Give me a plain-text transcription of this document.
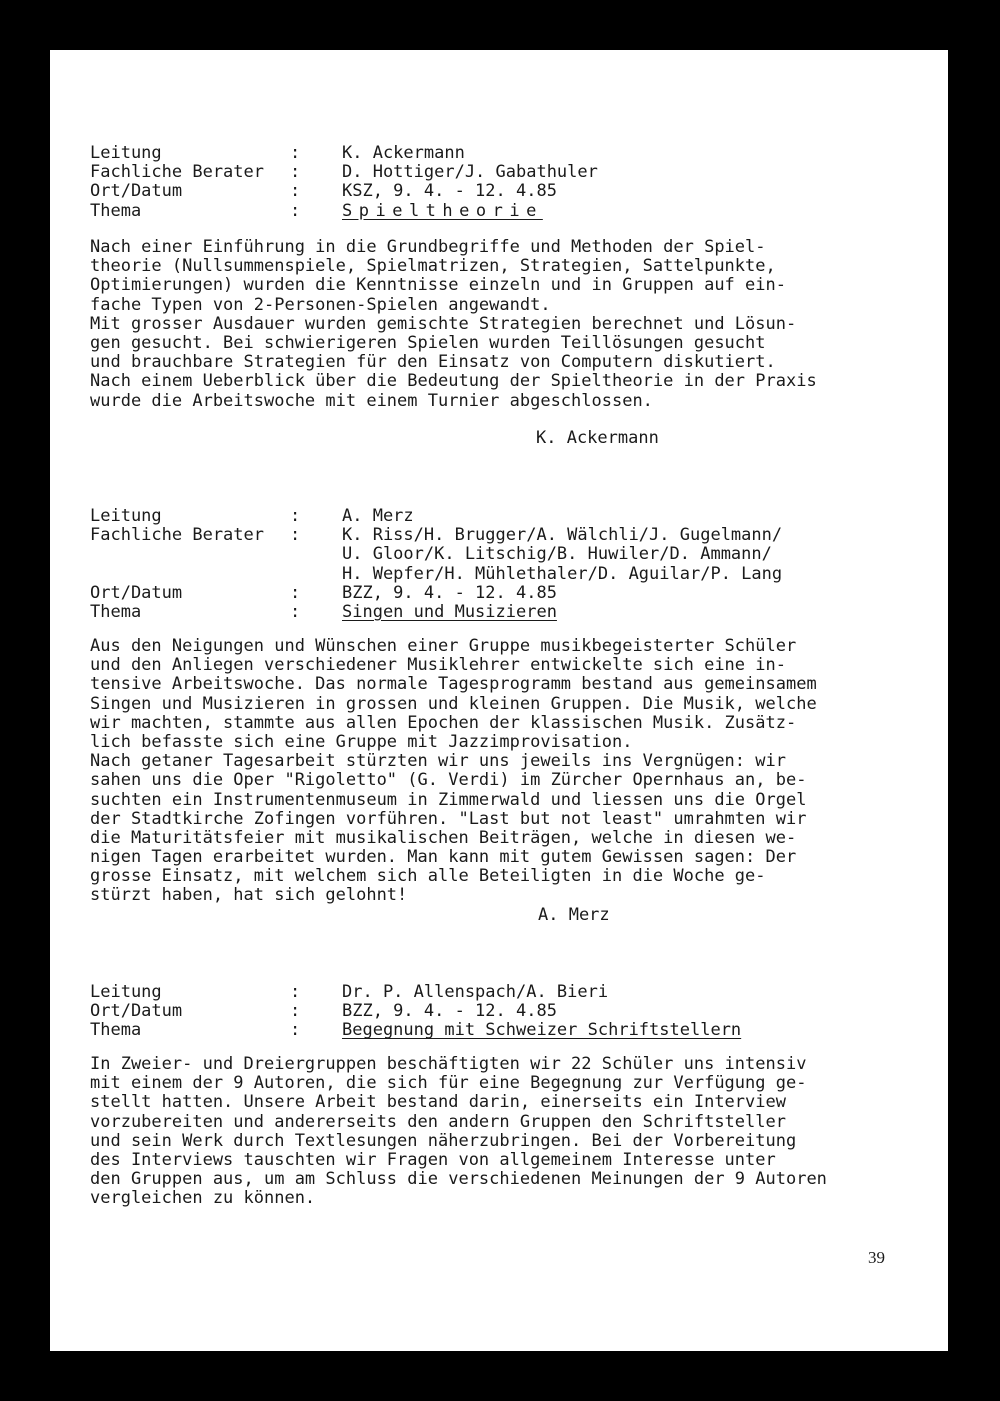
Leitung	:	K. Ackermann
Fachliche Berater	:	D. Hottiger/J. Gabathuler
Ort/Datum	:	KSZ, 9. 4. - 12. 4.85
Thema	:	Spieltheorie
Nach einer Einführung in die Grundbegriffe und Methoden der Spiel-
theorie (Nullsummenspiele, Spielmatrizen, Strategien, Sattelpunkte,
Optimierungen) wurden die Kenntnisse einzeln und in Gruppen auf ein-
fache Typen von 2-Personen-Spielen angewandt.
Mit grosser Ausdauer wurden gemischte Strategien berechnet und Lösun-
gen gesucht. Bei schwierigeren Spielen wurden Teillösungen gesucht
und brauchbare Strategien für den Einsatz von Computern diskutiert.
Nach einem Ueberblick über die Bedeutung der Spieltheorie in der Praxis
wurde die Arbeitswoche mit einem Turnier abgeschlossen.
K. Ackermann
Leitung	:	A. Merz
Fachliche Berater	:	K. Riss/H. Brugger/A. Wälchli/J. Gugelmann/
U. Gloor/K. Litschig/B. Huwiler/D. Ammann/
H. Wepfer/H. Mühlethaler/D. Aguilar/P. Lang
Ort/Datum	:	BZZ, 9. 4. - 12. 4.85
Thema	:	Singen und Musizieren
Aus den Neigungen und Wünschen einer Gruppe musikbegeisterter Schüler
und den Anliegen verschiedener Musiklehrer entwickelte sich eine in-
tensive Arbeitswoche. Das normale Tagesprogramm bestand aus gemeinsamem
Singen und Musizieren in grossen und kleinen Gruppen. Die Musik, welche
wir machten, stammte aus allen Epochen der klassischen Musik. Zusätz-
lich befasste sich eine Gruppe mit Jazzimprovisation.
Nach getaner Tagesarbeit stürzten wir uns jeweils ins Vergnügen: wir
sahen uns die Oper "Rigoletto" (G. Verdi) im Zürcher Opernhaus an, be-
suchten ein Instrumentenmuseum in Zimmerwald und liessen uns die Orgel
der Stadtkirche Zofingen vorführen. "Last but not least" umrahmten wir
die Maturitätsfeier mit musikalischen Beiträgen, welche in diesen we-
nigen Tagen erarbeitet wurden. Man kann mit gutem Gewissen sagen: Der
grosse Einsatz, mit welchem sich alle Beteiligten in die Woche ge-
stürzt haben, hat sich gelohnt!
A. Merz
Leitung	:	Dr. P. Allenspach/A. Bieri
Ort/Datum	:	BZZ, 9. 4. - 12. 4.85
Thema	:	Begegnung mit Schweizer Schriftstellern
In Zweier- und Dreiergruppen beschäftigten wir 22 Schüler uns intensiv
mit einem der 9 Autoren, die sich für eine Begegnung zur Verfügung ge-
stellt hatten. Unsere Arbeit bestand darin, einerseits ein Interview
vorzubereiten und andererseits den andern Gruppen den Schriftsteller
und sein Werk durch Textlesungen näherzubringen. Bei der Vorbereitung
des Interviews tauschten wir Fragen von allgemeinem Interesse unter
den Gruppen aus, um am Schluss die verschiedenen Meinungen der 9 Autoren
vergleichen zu können.
39
